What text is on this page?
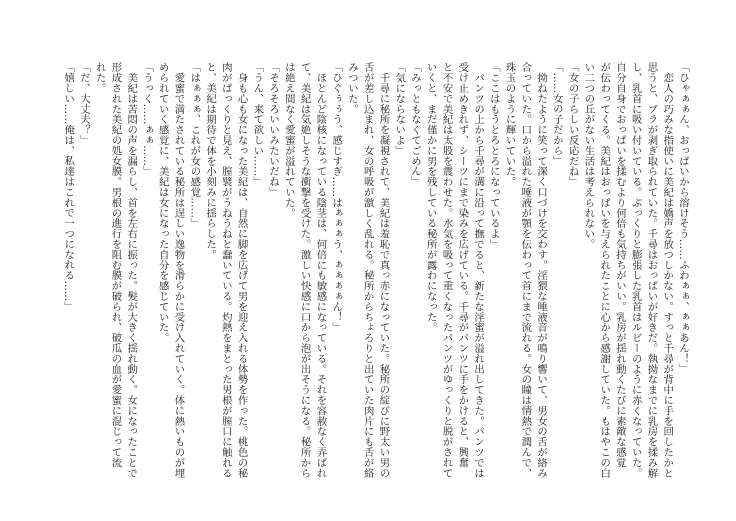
「ひゃぁぁん、おっぱいから溶けそう……ふわぁぁ、ぁぁあん！」
　恋人の巧みな指使いに美紀は嬌声を放つしかない。すっと千尋が背中に手を回したかと
思うと、ブラが剥ぎ取られていた。千尋はおっぱいが好きだ。執拗なまでに乳房を揉み解
し、乳首に吸い付いている。ぷっくりと膨張した乳首はルビーのように赤くなっていた。
自分自身でおっぱいを揉むより何倍も気持ちがいい。乳房が揺れ動くたびに素敵な感覚
が伝わってくる。美紀はおっぱいを与えられたことに心から感謝していた。もはやこの白
い二つの丘がない生活は考えられない。
「女の子らしい反応だね」
「……女の子だから」
　拗ねたように笑って深く口づけを交わす。淫猥な唾液音が鳴り響いて、男女の舌が絡み
合っていた。口から溢れた唾液が顎を伝わって首にまで流れる。女の瞳は情熱で潤んで、
珠玉のように輝いていた。
「ここはもうとろとろになっているよ」
　パンツの上から千尋が溝に沿って撫でると、新たな淫蜜が溢れ出してきた。パンツでは
受け止めきれず、シーツにまで染みを広げている。千尋がパンツに手をかけると、興奮
と不安で美紀は太股を震わせた。水気を吸って重くなったパンツがゆっくりと脱がされて
いくと、まだ僅かに男を残している秘所が露わになった。
「みっともなくてごめん」
「気にならないよ」
　千尋に秘所を凝視されて、美紀は羞恥で真っ赤になっていた。秘所の綻びに野太い男の
舌が差し込まれ、女の呼吸が激しく乱れる。秘所からちょろりと出ていた肉片にも舌が絡
みついた。
「ひぐぅぅう、感じすぎ……はぁぁぁう、ぁぁぁぁん！」
　ほとんど陰核になっている陰茎は、何倍にも敏感になっている。それを容赦なく弄ばれ
て、美紀は気絶しそうな衝撃を受けた。激しい快感に口から泡が出そうになる。秘所から
は絶え間なく愛蜜が溢れていた。
「そろそろいいみたいだね」
「うん、来て欲しい……」
　身も心も女になった美紀は、自然に脚を広げて男を迎え入れる体勢を作った。桃色の秘
肉がぱっくりと見え、膣襞がうねうねと蠢いている。灼熱をまとった男根が膣口に触れる
と、美紀は期待で体を小刻みに揺らした。
「はぁぁぁ、これが女の感覚……」
　愛蜜で満たされている秘所は逞しい逸物を滑らかに受け入れていく。体に熱いものが埋
められていく感覚に、美紀は女になった自分を感じていた。
「うっく……ぁぁ……」
　美紀は苦悶の声を漏らし、首を左右に振った。髪が大きく揺れ動く。女になったことで
形成された美紀の処女膜。男根の進行を阻む膜が破られ、破瓜の血が愛蜜に混じって流
れた。
「だ、大丈夫？」
「嬉しい……俺は、私達はこれで一つになれる……」
